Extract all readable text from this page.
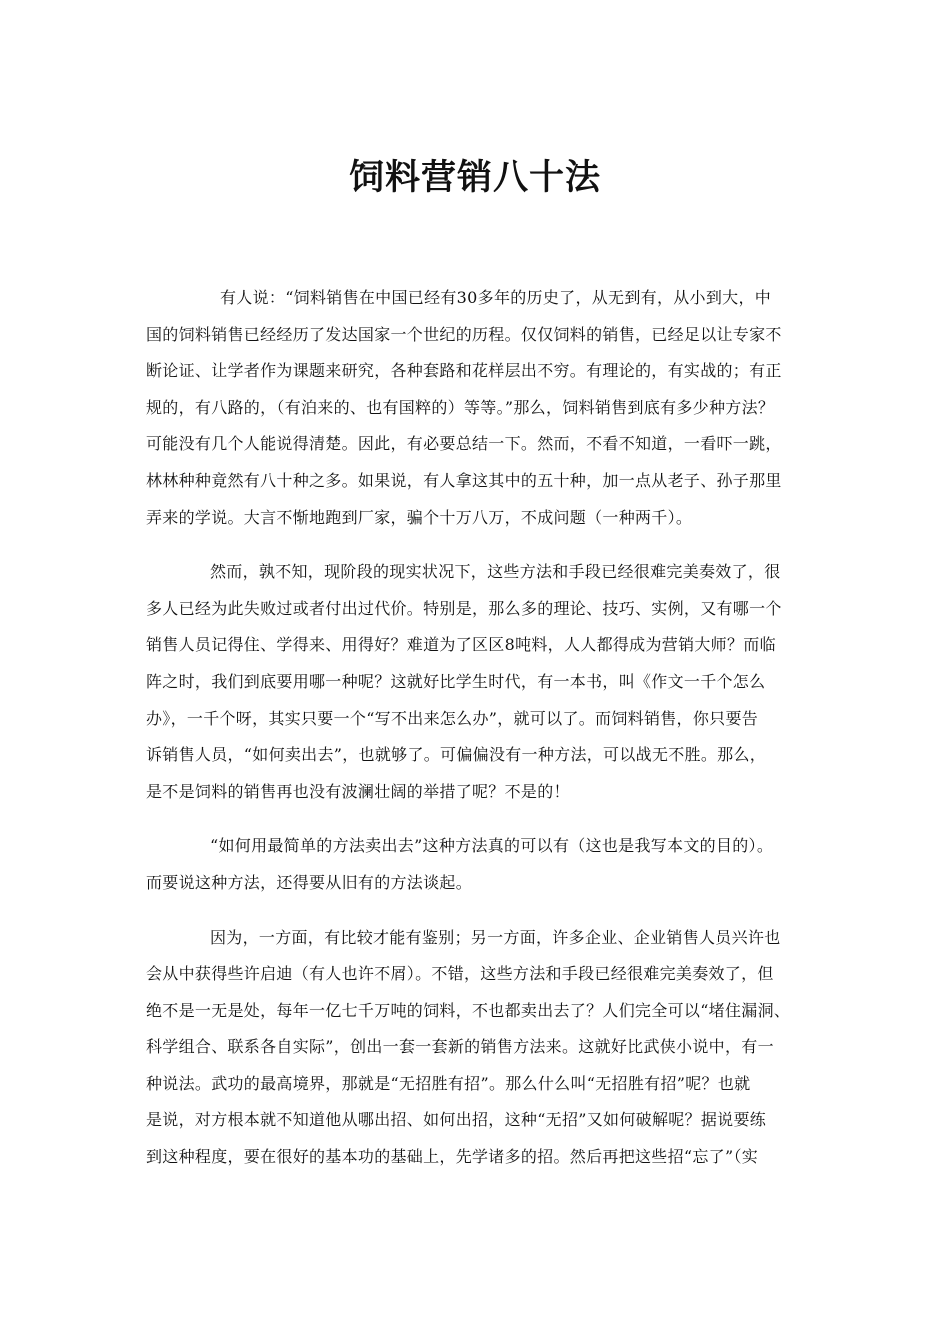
饲料营销八十法
有人说：“饲料销售在中国已经有30多年的历史了，从无到有，从小到大，中
国的饲料销售已经经历了发达国家一个世纪的历程。仅仅饲料的销售，已经足以让专家不
断论证、让学者作为课题来研究，各种套路和花样层出不穷。有理论的，有实战的；有正
规的，有八路的，（有泊来的、也有国粹的）等等。”那么，饲料销售到底有多少种方法？
可能没有几个人能说得清楚。因此，有必要总结一下。然而，不看不知道，一看吓一跳，
林林种种竟然有八十种之多。如果说，有人拿这其中的五十种，加一点从老子、孙子那里
弄来的学说。大言不惭地跑到厂家，骗个十万八万，不成问题（一种两千）。
然而，孰不知，现阶段的现实状况下，这些方法和手段已经很难完美奏效了，很
多人已经为此失败过或者付出过代价。特别是，那么多的理论、技巧、实例，又有哪一个
销售人员记得住、学得来、用得好？难道为了区区8吨料，人人都得成为营销大师？而临
阵之时，我们到底要用哪一种呢？这就好比学生时代，有一本书，叫《作文一千个怎么
办》，一千个呀，其实只要一个“写不出来怎么办”，就可以了。而饲料销售，你只要告
诉销售人员，“如何卖出去”，也就够了。可偏偏没有一种方法，可以战无不胜。那么，
是不是饲料的销售再也没有波澜壮阔的举措了呢？不是的！
“如何用最简单的方法卖出去”这种方法真的可以有（这也是我写本文的目的）。
而要说这种方法，还得要从旧有的方法谈起。
因为，一方面，有比较才能有鉴别；另一方面，许多企业、企业销售人员兴许也
会从中获得些许启迪（有人也许不屑）。不错，这些方法和手段已经很难完美奏效了，但
绝不是一无是处，每年一亿七千万吨的饲料，不也都卖出去了？人们完全可以“堵住漏洞、
科学组合、联系各自实际”，创出一套一套新的销售方法来。这就好比武侠小说中，有一
种说法。武功的最高境界，那就是“无招胜有招”。那么什么叫“无招胜有招”呢？也就
是说，对方根本就不知道他从哪出招、如何出招，这种“无招”又如何破解呢？据说要练
到这种程度，要在很好的基本功的基础上，先学诸多的招。然后再把这些招“忘了”（实
